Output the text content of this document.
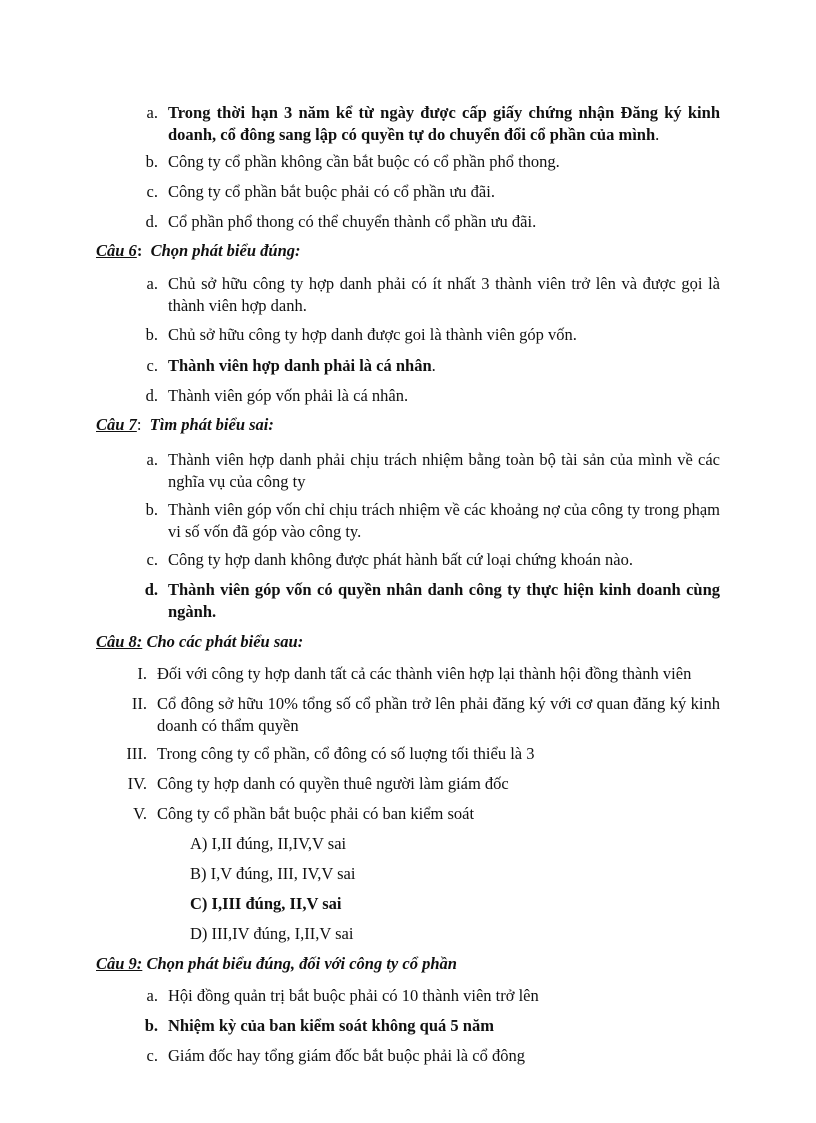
a. Trong thời hạn 3 năm kể từ ngày được cấp giấy chứng nhận Đăng ký kinh doanh, cổ đông sang lập có quyền tự do chuyển đổi cổ phần của mình.
b. Công ty cổ phần không cần bắt buộc có cổ phần phổ thong.
c. Công ty cổ phần bắt buộc phải có cổ phần ưu đãi.
d. Cổ phần phổ thong có thể chuyển thành cổ phần ưu đãi.
Câu 6: Chọn phát biểu đúng:
a. Chủ sở hữu công ty hợp danh phải có ít nhất 3 thành viên trở lên và được gọi là thành viên hợp danh.
b. Chủ sở hữu công ty hợp danh được goi là thành viên góp vốn.
c. Thành viên hợp danh phải là cá nhân.
d. Thành viên góp vốn phải là cá nhân.
Câu 7: Tìm phát biểu sai:
a. Thành viên hợp danh phải chịu trách nhiệm bằng toàn bộ tài sản của mình về các nghĩa vụ của công ty
b. Thành viên góp vốn chỉ chịu trách nhiệm về các khoảng nợ của công ty trong phạm vi số vốn đã góp vào công ty.
c. Công ty hợp danh không được phát hành bất cứ loại chứng khoán nào.
d. Thành viên góp vốn có quyền nhân danh công ty thực hiện kinh doanh cùng ngành.
Câu 8: Cho các phát biểu sau:
I. Đối với công ty hợp danh tất cả các thành viên hợp lại thành hội đồng thành viên
II. Cổ đông sở hữu 10% tổng số cổ phần trở lên phải đăng ký với cơ quan đăng ký kinh doanh có thẩm quyền
III. Trong công ty cổ phần, cổ đông có số luợng tối thiểu là 3
IV. Công ty hợp danh có quyền thuê người làm giám đốc
V. Công ty cổ phần bắt buộc phải có ban kiểm soát
A) I,II đúng, II,IV,V sai
B) I,V đúng, III, IV,V sai
C) I,III đúng, II,V sai
D) III,IV đúng, I,II,V sai
Câu 9: Chọn phát biểu đúng, đối với công ty cổ phần
a. Hội đồng quản trị bắt buộc phải có 10 thành viên trở lên
b. Nhiệm kỳ của ban kiểm soát không quá 5 năm
c. Giám đốc hay tổng giám đốc bắt buộc phải là cổ đông
